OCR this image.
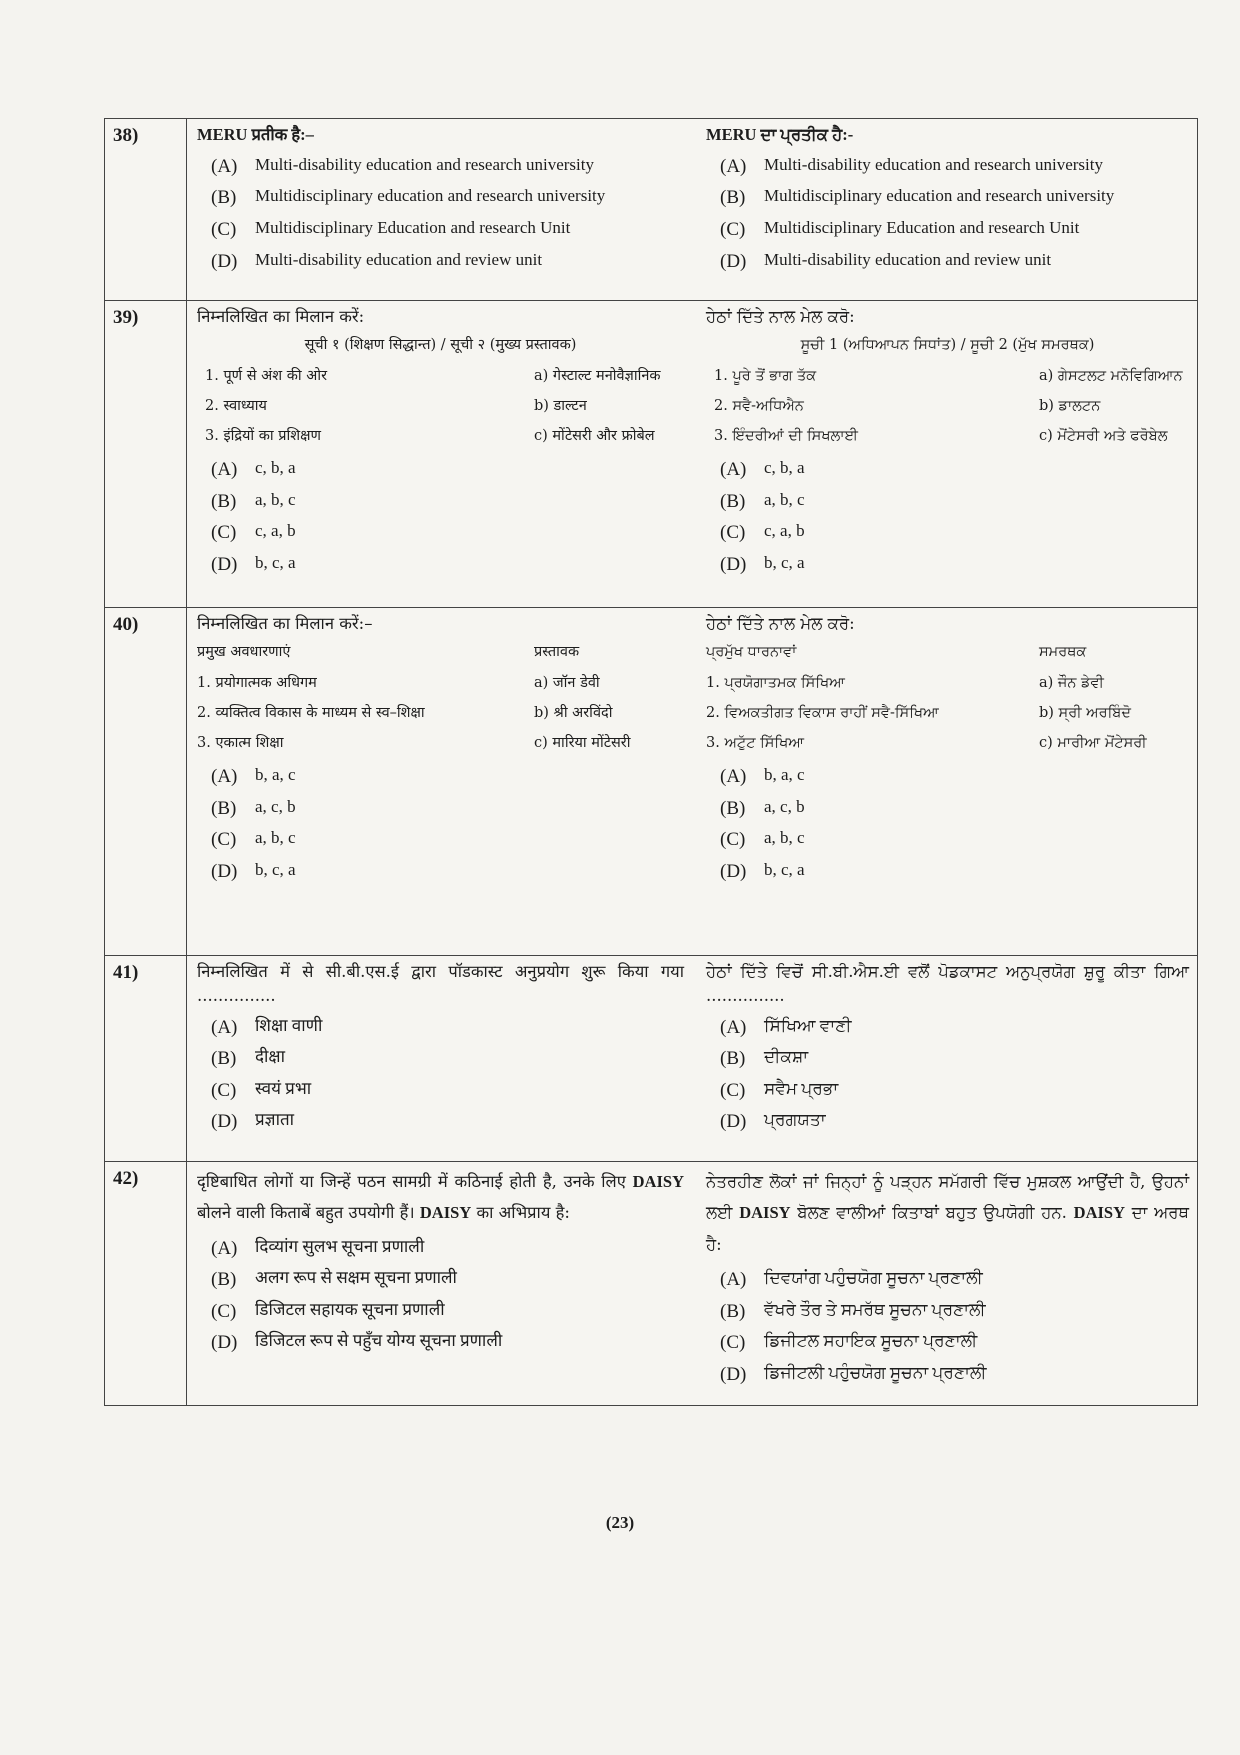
38)	MERU प्रतीक है:–
(A)	Multi-disability education and research university
(B)	Multidisciplinary education and research university
(C)	Multidisciplinary Education and research Unit
(D)	Multi-disability education and review unit
MERU ਦਾ ਪ੍ਰਤੀਕ ਹੈ:-
(A)	Multi-disability education and research university
(B)	Multidisciplinary education and research university
(C)	Multidisciplinary Education and research Unit
(D)	Multi-disability education and review unit
39)	निम्नलिखित का मिलान करें:
सूची १ (शिक्षण सिद्धान्त) / सूची २ (मुख्य प्रस्तावक)
1. पूर्ण से अंश की ओर	a) गेस्टाल्ट मनोवैज्ञानिक
2. स्वाध्याय	b) डाल्टन
3. इंद्रियों का प्रशिक्षण	c) मोंटेसरी और फ्रोबेल
(A)	c, b, a
(B)	a, b, c
(C)	c, a, b
(D)	b, c, a
ਹੇਠਾਂ ਦਿੱਤੇ ਨਾਲ ਮੇਲ ਕਰੋ:
ਸੂਚੀ 1 (ਅਧਿਆਪਨ ਸਿਧਾਂਤ) / ਸੂਚੀ 2 (ਮੁੱਖ ਸਮਰਥਕ)
1. ਪੂਰੇ ਤੋਂ ਭਾਗ ਤੱਕ	a) ਗੇਸਟਲਟ ਮਨੋਵਿਗਿਆਨ
2. ਸਵੈ-ਅਧਿਐਨ	b) ਡਾਲਟਨ
3. ਇੰਦਰੀਆਂ ਦੀ ਸਿਖਲਾਈ	c) ਮੋਂਟੇਸਰੀ ਅਤੇ ਫਰੋਬੇਲ
(A)	c, b, a
(B)	a, b, c
(C)	c, a, b
(D)	b, c, a
40)	निम्नलिखित का मिलान करें:–
प्रमुख अवधारणाएं	प्रस्तावक
1. प्रयोगात्मक अधिगम	a) जॉन डेवी
2. व्यक्तित्व विकास के माध्यम से स्व–शिक्षा	b) श्री अरविंदो
3. एकात्म शिक्षा	c) मारिया मोंटेसरी
(A)	b, a, c
(B)	a, c, b
(C)	a, b, c
(D)	b, c, a
ਹੇਠਾਂ ਦਿੱਤੇ ਨਾਲ ਮੇਲ ਕਰੋ:
ਪ੍ਰਮੁੱਖ ਧਾਰਨਾਵਾਂ	ਸਮਰਥਕ
1. ਪ੍ਰਯੋਗਾਤਮਕ ਸਿੱਖਿਆ	a) ਜੌਨ ਡੇਵੀ
2. ਵਿਅਕਤੀਗਤ ਵਿਕਾਸ ਰਾਹੀਂ ਸਵੈ-ਸਿੱਖਿਆ	b) ਸ੍ਰੀ ਅਰਬਿੰਦੋ
3. ਅਟੁੱਟ ਸਿੱਖਿਆ	c) ਮਾਰੀਆ ਮੋਂਟੇਸਰੀ
(A)	b, a, c
(B)	a, c, b
(C)	a, b, c
(D)	b, c, a
41)	निम्नलिखित में से सी.बी.एस.ई द्वारा पॉडकास्ट अनुप्रयोग शुरू किया गया ...............
(A)	शिक्षा वाणी
(B)	दीक्षा
(C)	स्वयं प्रभा
(D)	प्रज्ञाता
ਹੇਠਾਂ ਦਿੱਤੇ ਵਿਚੋਂ ਸੀ.ਬੀ.ਐਸ.ਈ ਵਲੋਂ ਪੋਡਕਾਸਟ ਅਨੁਪ੍ਰਯੋਗ ਸ਼ੁਰੂ ਕੀਤਾ ਗਿਆ ...............
(A)	ਸਿੱਖਿਆ ਵਾਣੀ
(B)	ਦੀਕਸ਼ਾ
(C)	ਸਵੈਮ ਪ੍ਰਭਾ
(D)	ਪ੍ਰਗਯਤਾ
42)	दृष्टिबाधित लोगों या जिन्हें पठन सामग्री में कठिनाई होती है, उनके लिए DAISY बोलने वाली किताबें बहुत उपयोगी हैं। DAISY का अभिप्राय है:
(A)	दिव्यांग सुलभ सूचना प्रणाली
(B)	अलग रूप से सक्षम सूचना प्रणाली
(C)	डिजिटल सहायक सूचना प्रणाली
(D)	डिजिटल रूप से पहुँच योग्य सूचना प्रणाली
ਨੇਤਰਹੀਣ ਲੋਕਾਂ ਜਾਂ ਜਿਨ੍ਹਾਂ ਨੂੰ ਪੜ੍ਹਨ ਸਮੱਗਰੀ ਵਿੱਚ ਮੁਸ਼ਕਲ ਆਉਂਦੀ ਹੈ, ਉਹਨਾਂ ਲਈ DAISY ਬੋਲਣ ਵਾਲੀਆਂ ਕਿਤਾਬਾਂ ਬਹੁਤ ਉਪਯੋਗੀ ਹਨ. DAISY ਦਾ ਅਰਥ ਹੈ:
(A)	ਦਿਵਯਾਂਗ ਪਹੁੰਚਯੋਗ ਸੂਚਨਾ ਪ੍ਰਣਾਲੀ
(B)	ਵੱਖਰੇ ਤੌਰ ਤੇ ਸਮਰੱਥ ਸੂਚਨਾ ਪ੍ਰਣਾਲੀ
(C)	ਡਿਜੀਟਲ ਸਹਾਇਕ ਸੂਚਨਾ ਪ੍ਰਣਾਲੀ
(D)	ਡਿਜੀਟਲੀ ਪਹੁੰਚਯੋਗ ਸੂਚਨਾ ਪ੍ਰਣਾਲੀ
(23)
